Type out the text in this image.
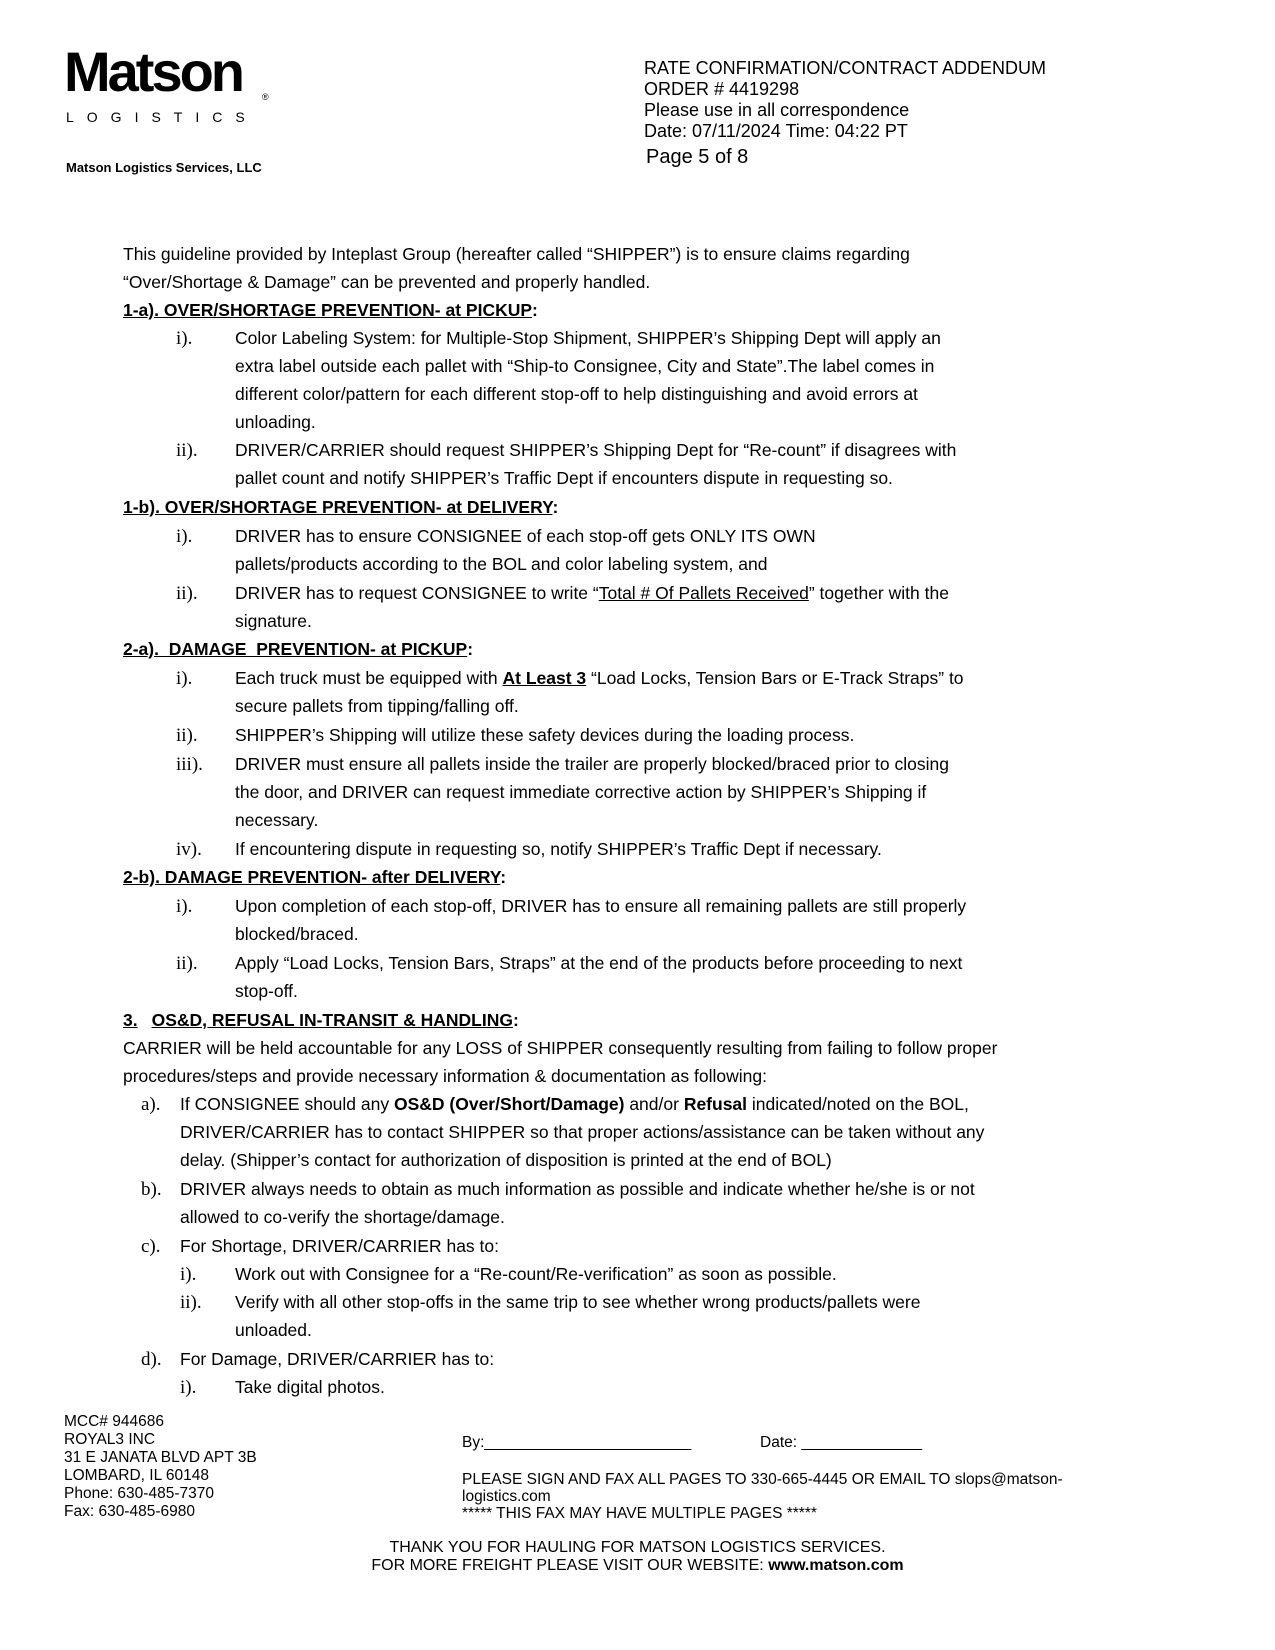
Matson ®
LOGISTICS
Matson Logistics Services, LLC
RATE CONFIRMATION/CONTRACT ADDENDUM
ORDER # 4419298
Please use in all correspondence
Date: 07/11/2024 Time: 04:22 PT
Page 5 of 8
This guideline provided by Inteplast Group (hereafter called “SHIPPER”) is to ensure claims regarding
“Over/Shortage & Damage” can be prevented and properly handled.
1-a). OVER/SHORTAGE PREVENTION- at PICKUP:
i). Color Labeling System: for Multiple-Stop Shipment, SHIPPER’s Shipping Dept will apply an
extra label outside each pallet with “Ship-to Consignee, City and State”.The label comes in
different color/pattern for each different stop-off to help distinguishing and avoid errors at
unloading.
ii). DRIVER/CARRIER should request SHIPPER’s Shipping Dept for “Re-count” if disagrees with
pallet count and notify SHIPPER’s Traffic Dept if encounters dispute in requesting so.
1-b). OVER/SHORTAGE PREVENTION- at DELIVERY:
i). DRIVER has to ensure CONSIGNEE of each stop-off gets ONLY ITS OWN
pallets/products according to the BOL and color labeling system, and
ii). DRIVER has to request CONSIGNEE to write “Total # Of Pallets Received” together with the
signature.
2-a).  DAMAGE  PREVENTION- at PICKUP:
i). Each truck must be equipped with At Least 3 “Load Locks, Tension Bars or E-Track Straps” to
secure pallets from tipping/falling off.
ii). SHIPPER’s Shipping will utilize these safety devices during the loading process.
iii). DRIVER must ensure all pallets inside the trailer are properly blocked/braced prior to closing
the door, and DRIVER can request immediate corrective action by SHIPPER’s Shipping if
necessary.
iv). If encountering dispute in requesting so, notify SHIPPER’s Traffic Dept if necessary.
2-b). DAMAGE PREVENTION- after DELIVERY:
i). Upon completion of each stop-off, DRIVER has to ensure all remaining pallets are still properly
blocked/braced.
ii). Apply “Load Locks, Tension Bars, Straps” at the end of the products before proceeding to next
stop-off.
3. OS&D, REFUSAL IN-TRANSIT & HANDLING:
CARRIER will be held accountable for any LOSS of SHIPPER consequently resulting from failing to follow proper
procedures/steps and provide necessary information & documentation as following:
a). If CONSIGNEE should any OS&D (Over/Short/Damage) and/or Refusal indicated/noted on the BOL,
DRIVER/CARRIER has to contact SHIPPER so that proper actions/assistance can be taken without any
delay. (Shipper’s contact for authorization of disposition is printed at the end of BOL)
b). DRIVER always needs to obtain as much information as possible and indicate whether he/she is or not
allowed to co-verify the shortage/damage.
c). For Shortage, DRIVER/CARRIER has to:
i). Work out with Consignee for a “Re-count/Re-verification” as soon as possible.
ii). Verify with all other stop-offs in the same trip to see whether wrong products/pallets were
unloaded.
d). For Damage, DRIVER/CARRIER has to:
i). Take digital photos.
MCC# 944686
ROYAL3 INC
31 E JANATA BLVD APT 3B
LOMBARD, IL 60148
Phone: 630-485-7370
Fax: 630-485-6980
By:________________________	Date: ______________
PLEASE SIGN AND FAX ALL PAGES TO 330-665-4445 OR EMAIL TO slops@matson-
logistics.com
***** THIS FAX MAY HAVE MULTIPLE PAGES *****
THANK YOU FOR HAULING FOR MATSON LOGISTICS SERVICES.
FOR MORE FREIGHT PLEASE VISIT OUR WEBSITE: www.matson.com
